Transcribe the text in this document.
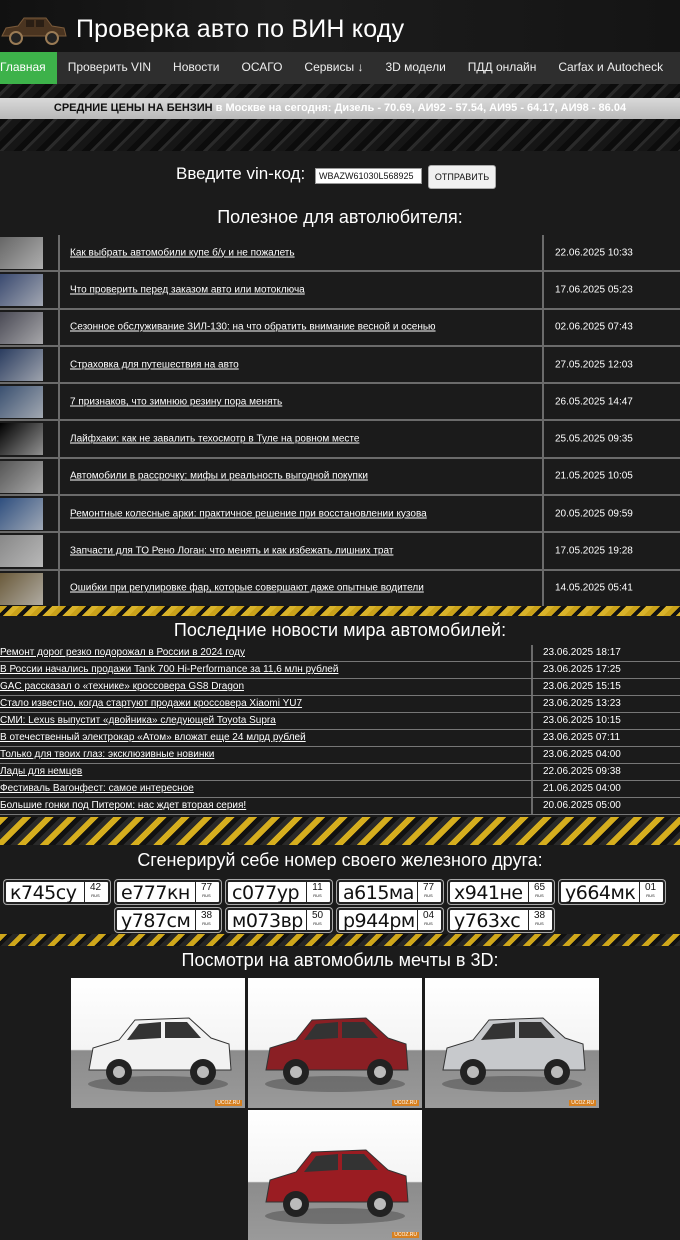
Проверка авто по ВИН коду
Главная	Проверить VIN	Новости	ОСАГО	Сервисы ↓	3D модели	ПДД онлайн	Carfax и Autocheck
СРЕДНИЕ ЦЕНЫ НА БЕНЗИН в Москве на сегодня: Дизель - 70.69, АИ92 - 57.54, АИ95 - 64.17, АИ98 - 86.04
Введите vin-код:
WBAZW61030L568925	ОТПРАВИТЬ
Полезное для автолюбителя:
Как выбрать автомобили купе б/у и не пожалеть	22.06.2025 10:33
Что проверить перед заказом авто или мотоключа	17.06.2025 05:23
Сезонное обслуживание ЗИЛ-130: на что обратить внимание весной и осенью	02.06.2025 07:43
Страховка для путешествия на авто	27.05.2025 12:03
7 признаков, что зимнюю резину пора менять	26.05.2025 14:47
Лайфхаки: как не завалить техосмотр в Туле на ровном месте	25.05.2025 09:35
Автомобили в рассрочку: мифы и реальность выгодной покупки	21.05.2025 10:05
Ремонтные колесные арки: практичное решение при восстановлении кузова	20.05.2025 09:59
Запчасти для ТО Рено Логан: что менять и как избежать лишних трат	17.05.2025 19:28
Ошибки при регулировке фар, которые совершают даже опытные водители	14.05.2025 05:41
Последние новости мира автомобилей:
Ремонт дорог резко подорожал в России в 2024 году	23.06.2025 18:17
В России начались продажи Tank 700 Hi-Performance за 11,6 млн рублей	23.06.2025 17:25
GAC рассказал о «технике» кроссовера GS8 Dragon	23.06.2025 15:15
Стало известно, когда стартуют продажи кроссовера Xiaomi YU7	23.06.2025 13:23
СМИ: Lexus выпустит «двойника» следующей Toyota Supra	23.06.2025 10:15
В отечественный электрокар «Атом» вложат еще 24 млрд рублей	23.06.2025 07:11
Только для твоих глаз: эксклюзивные новинки	23.06.2025 04:00
Лады для немцев	22.06.2025 09:38
Фестиваль Вагонфест: самое интересное	21.06.2025 04:00
Большие гонки под Питером: нас ждет вторая серия!	20.06.2025 05:00
Сгенерируй себе номер своего железного друга:
к745су	42
RUS	е777кн	77
RUS	с077ур	11
RUS	а615ма 77
RUS	х941не	65
RUS	у664мк 01
RUS
у787см	38
RUS	м073вр 50
RUS	р944рм 04
RUS	у763хс	38
RUS
Посмотри на автомобиль мечты в 3D:
UCOZ.RU	UCOZ.RU	UCOZ.RU
UCOZ.RU
